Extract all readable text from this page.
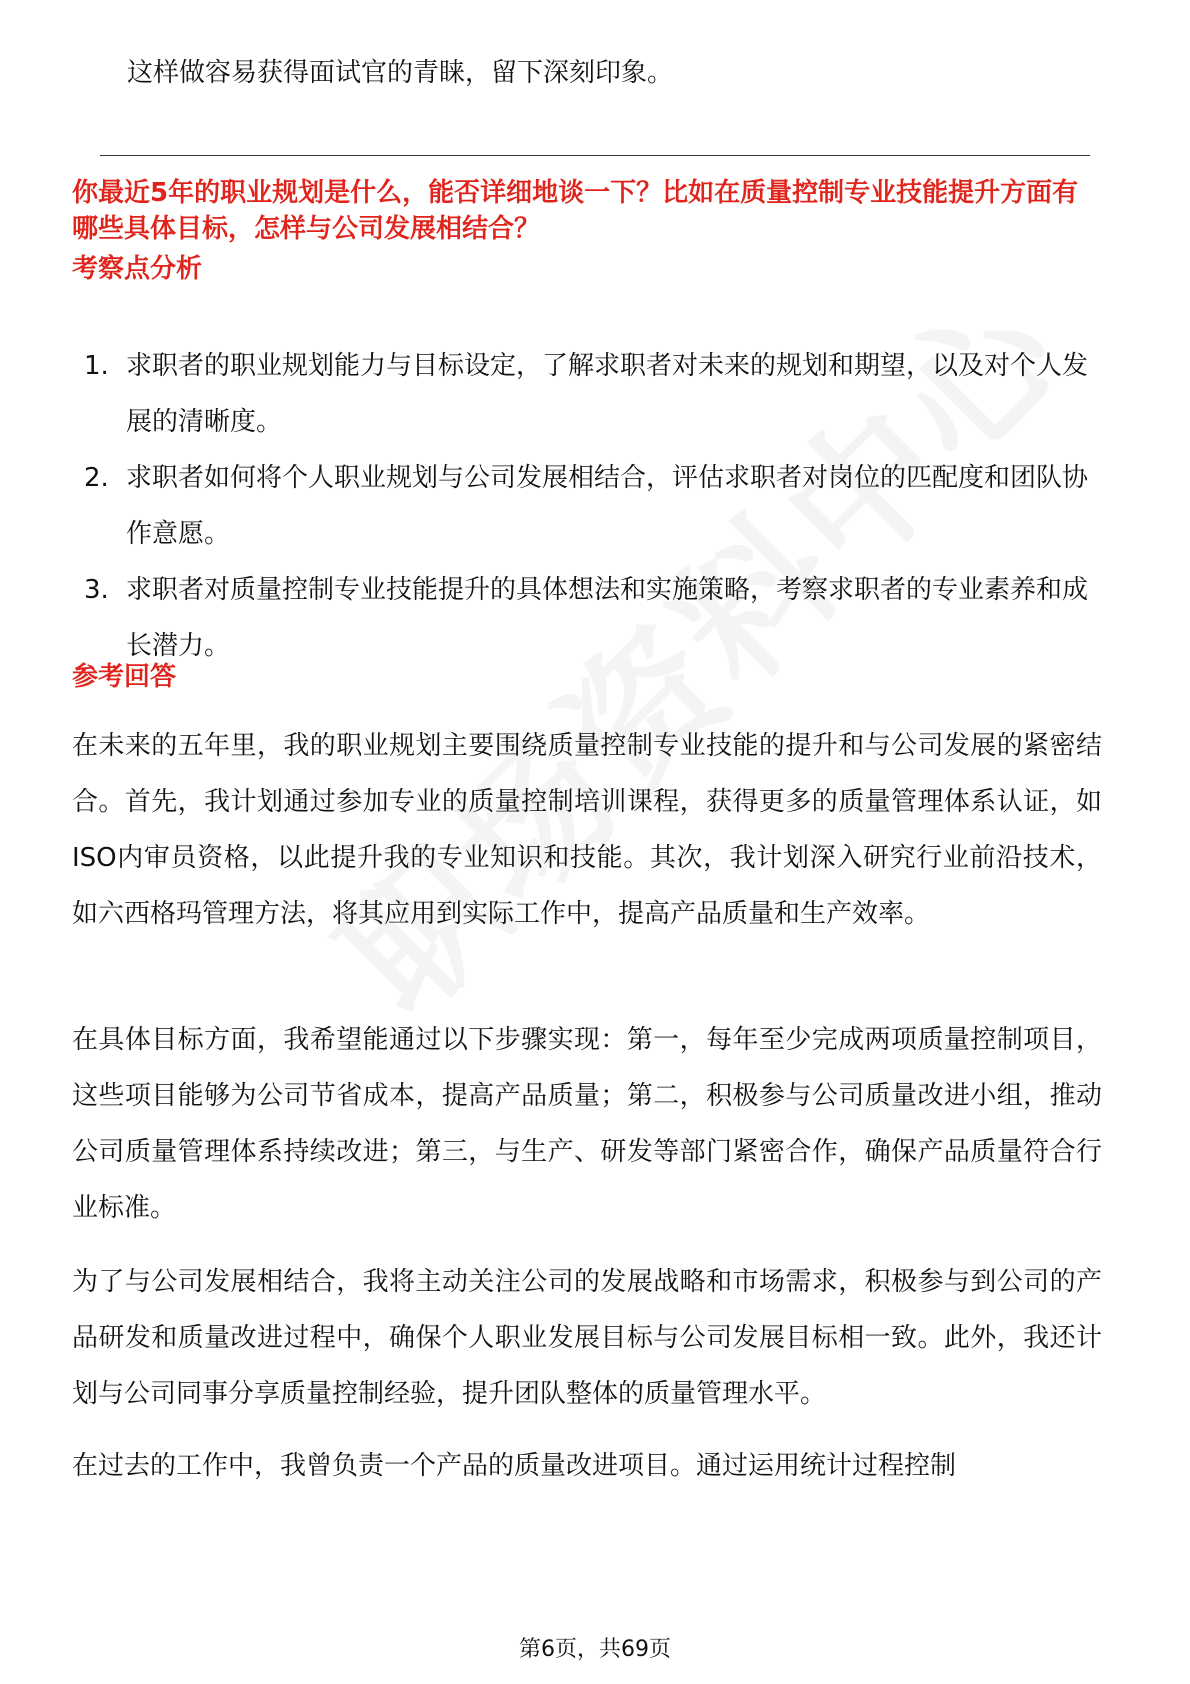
这样做容易获得面试官的青睐，留下深刻印象。
你最近5年的职业规划是什么，能否详细地谈一下？比如在质量控制专业技能提升方面有哪些具体目标，怎样与公司发展相结合？
考察点分析
1. 求职者的职业规划能力与目标设定，了解求职者对未来的规划和期望，以及对个人发展的清晰度。
2. 求职者如何将个人职业规划与公司发展相结合，评估求职者对岗位的匹配度和团队协作意愿。
3. 求职者对质量控制专业技能提升的具体想法和实施策略，考察求职者的专业素养和成长潜力。
参考回答
在未来的五年里，我的职业规划主要围绕质量控制专业技能的提升和与公司发展的紧密结合。首先，我计划通过参加专业的质量控制培训课程，获得更多的质量管理体系认证，如ISO内审员资格，以此提升我的专业知识和技能。其次，我计划深入研究行业前沿技术，如六西格玛管理方法，将其应用到实际工作中，提高产品质量和生产效率。
在具体目标方面，我希望能通过以下步骤实现：第一，每年至少完成两项质量控制项目，这些项目能够为公司节省成本，提高产品质量；第二，积极参与公司质量改进小组，推动公司质量管理体系持续改进；第三，与生产、研发等部门紧密合作，确保产品质量符合行业标准。
为了与公司发展相结合，我将主动关注公司的发展战略和市场需求，积极参与到公司的产品研发和质量改进过程中，确保个人职业发展目标与公司发展目标相一致。此外，我还计划与公司同事分享质量控制经验，提升团队整体的质量管理水平。
在过去的工作中，我曾负责一个产品的质量改进项目。通过运用统计过程控制
第6页，共69页
